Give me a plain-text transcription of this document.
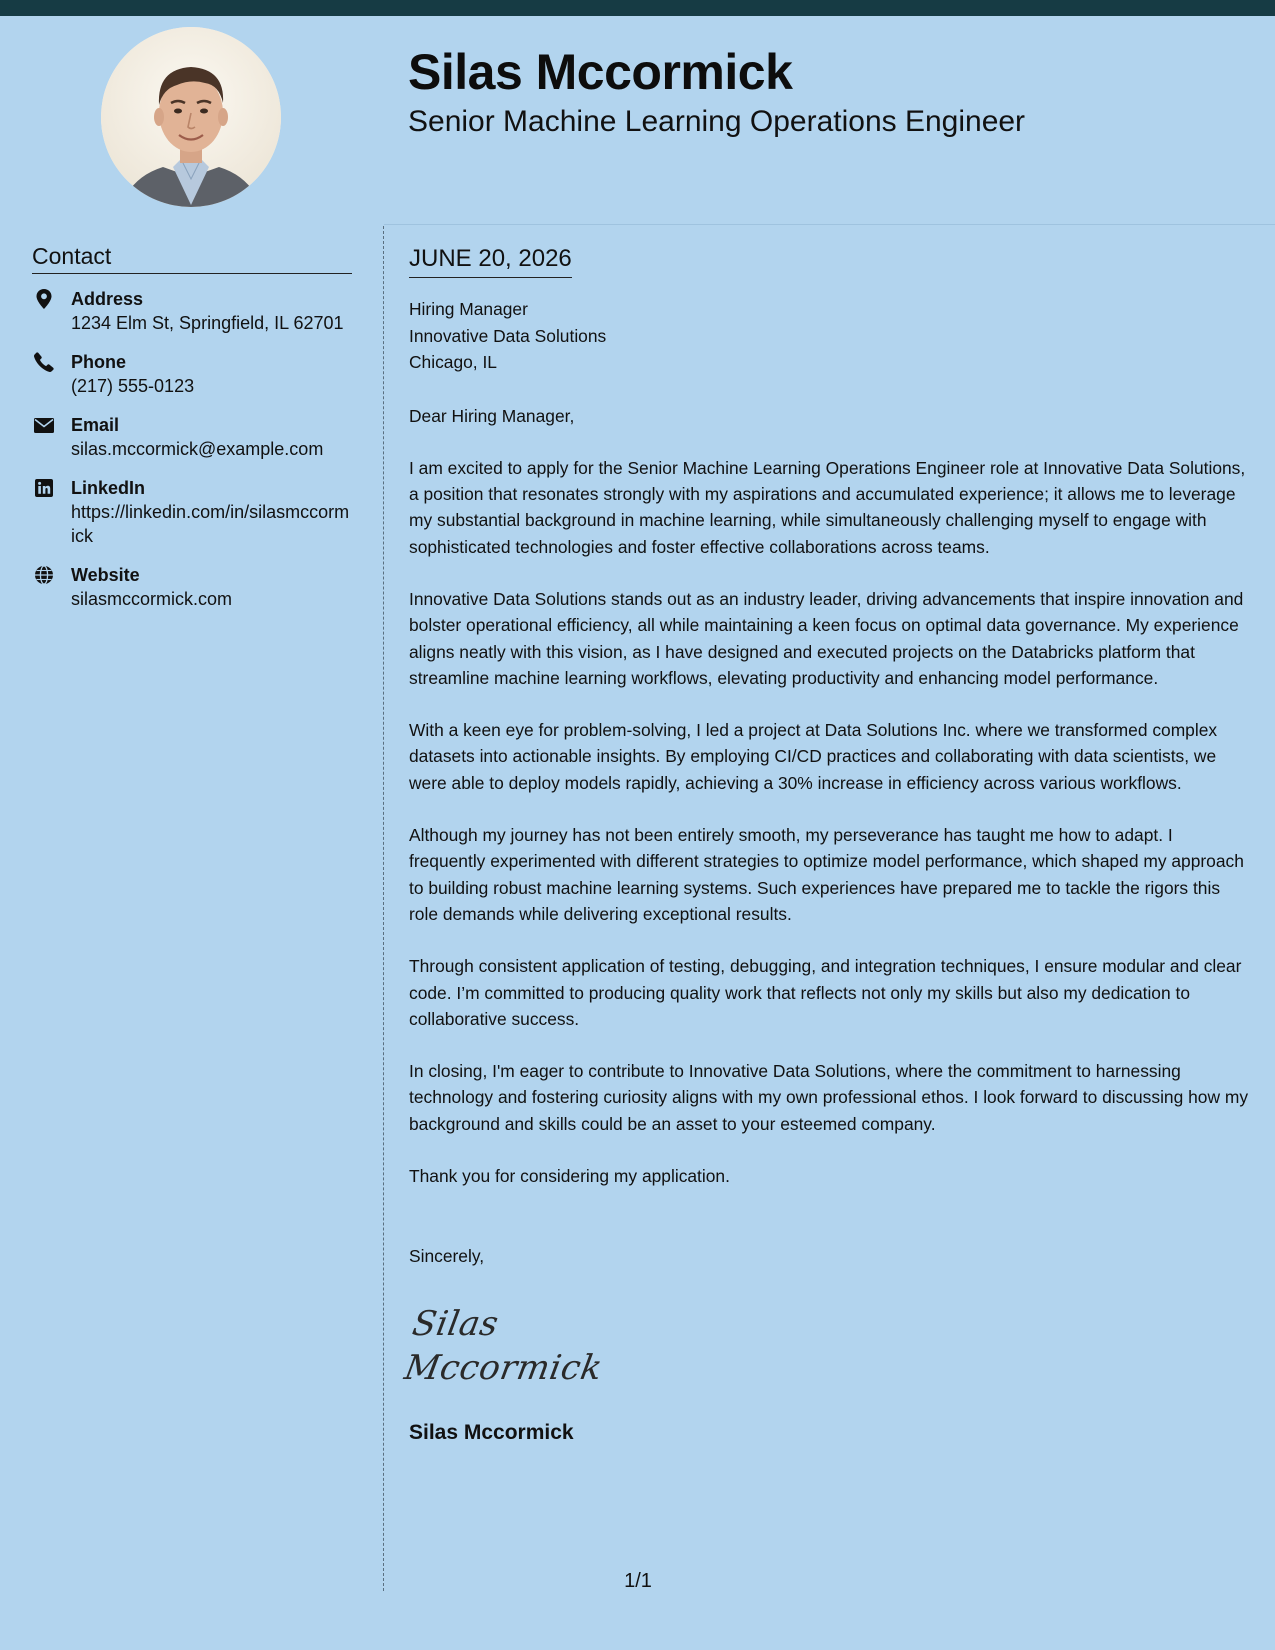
Silas Mccormick
Senior Machine Learning Operations Engineer
Contact
Address
1234 Elm St, Springfield, IL 62701
Phone
(217) 555-0123
Email
silas.mccormick@example.com
LinkedIn
https://linkedin.com/in/silasmccormick
Website
silasmccormick.com
JUNE 20, 2026
Hiring Manager
Innovative Data Solutions
Chicago, IL
Dear Hiring Manager,

I am excited to apply for the Senior Machine Learning Operations Engineer role at Innovative Data Solutions, a position that resonates strongly with my aspirations and accumulated experience; it allows me to leverage my substantial background in machine learning, while simultaneously challenging myself to engage with sophisticated technologies and foster effective collaborations across teams.

Innovative Data Solutions stands out as an industry leader, driving advancements that inspire innovation and bolster operational efficiency, all while maintaining a keen focus on optimal data governance. My experience aligns neatly with this vision, as I have designed and executed projects on the Databricks platform that streamline machine learning workflows, elevating productivity and enhancing model performance.

With a keen eye for problem-solving, I led a project at Data Solutions Inc. where we transformed complex datasets into actionable insights. By employing CI/CD practices and collaborating with data scientists, we were able to deploy models rapidly, achieving a 30% increase in efficiency across various workflows.

Although my journey has not been entirely smooth, my perseverance has taught me how to adapt. I frequently experimented with different strategies to optimize model performance, which shaped my approach to building robust machine learning systems. Such experiences have prepared me to tackle the rigors this role demands while delivering exceptional results.

Through consistent application of testing, debugging, and integration techniques, I ensure modular and clear code. I’m committed to producing quality work that reflects not only my skills but also my dedication to collaborative success.

In closing, I'm eager to contribute to Innovative Data Solutions, where the commitment to harnessing technology and fostering curiosity aligns with my own professional ethos. I look forward to discussing how my background and skills could be an asset to your esteemed company.

Thank you for considering my application.

Sincerely,
Silas Mccormick
Silas Mccormick
1/1
